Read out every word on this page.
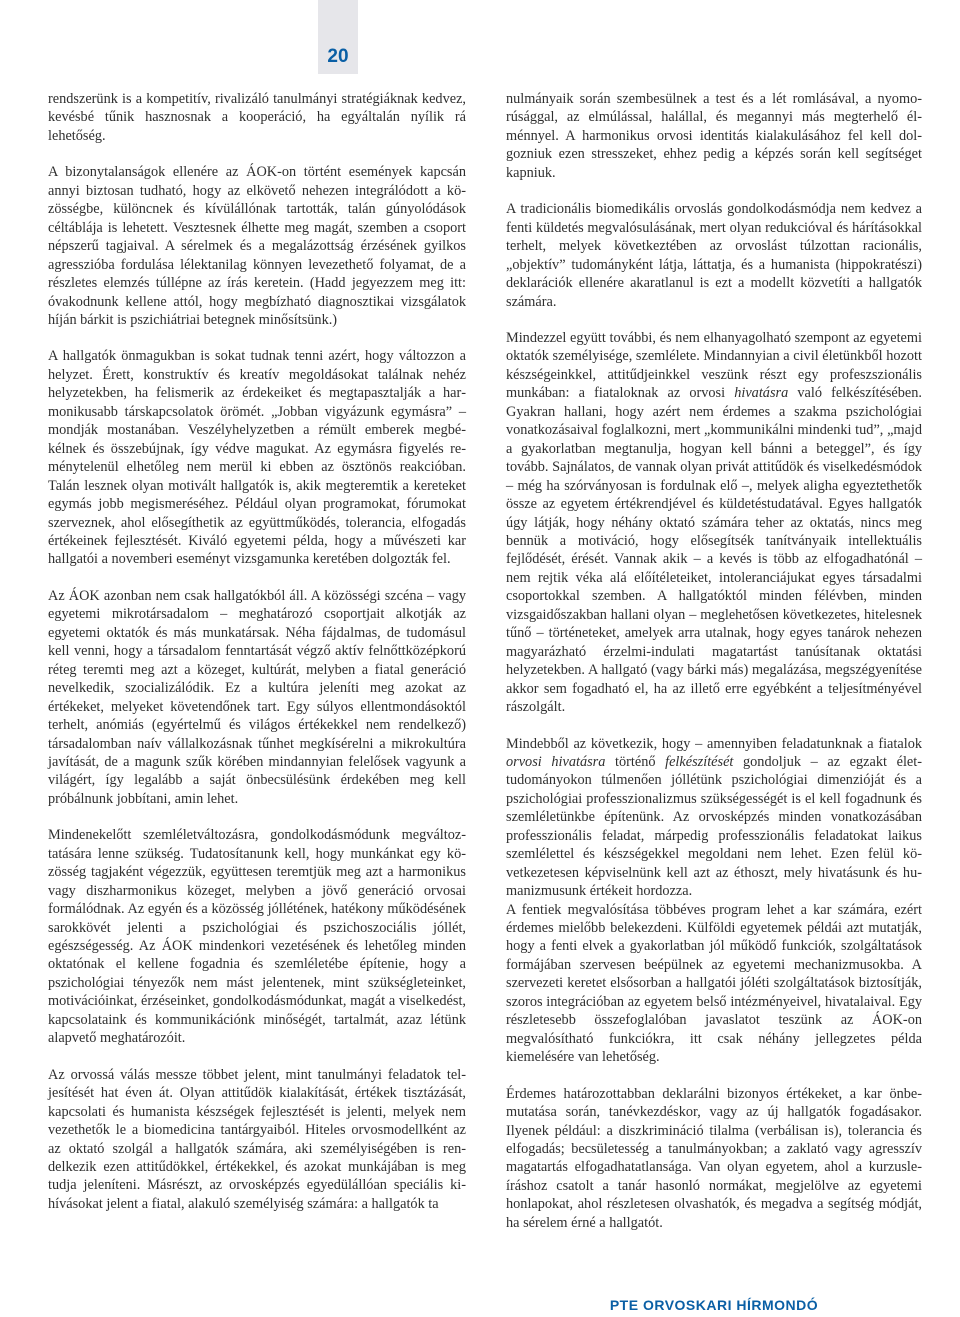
20

rendszerünk is a kompetitív, rivalizáló tanulmányi stratégiáknak kedvez, kevésbé tűnik hasznosnak a kooperáció, ha egyáltalán nyílik rá lehetőség.

A bizonytalanságok ellenére az ÁOK-on történt események kapcsán annyi biztosan tudható, hogy az elkövető nehezen integrálódott a közösségbe, különcnek és kívülállónak tartották, talán gúnyolódások céltáblája is lehetett. Vesztesnek élhette meg magát, szemben a csoport népszerű tagjaival. A sérelmek és a megalázottság érzésének gyilkos agresszióba fordulása lélektanilag könnyen levezethető folyamat, de a részletes elemzés túllépne az írás keretein. (Hadd jegyezzem meg itt: óvakodnunk kellene attól, hogy megbízható diagnosztikai vizsgálatok híján bárkit is pszichiátriai betegnek minősítsünk.)

A hallgatók önmagukban is sokat tudnak tenni azért, hogy változzon a helyzet. Érett, konstruktív és kreatív megoldásokat találnak nehéz helyzetekben, ha felismerik az érdekeiket és megtapasztalják a harmonikusabb társkapcsolatok örömét. „Jobban vigyázunk egymásra” – mondják mostanában. Veszélyhelyzetben a rémült emberek megbékélnek és összebújnak, így védve magukat. Az egymásra figyelés reménytelenül elhetőleg nem merül ki ebben az ösztönös reakcióban. Talán lesznek olyan motivált hallgatók is, akik megteremtik a kereteket egymás jobb megismeréséhez. Például olyan programokat, fórumokat szerveznek, ahol elősegíthetik az együttműködés, tolerancia, elfogadás értékeinek fejlesztését. Kiváló egyetemi példa, hogy a művészeti kar hallgatói a novemberi eseményt vizsgamunka keretében dolgozták fel.

Az ÁOK azonban nem csak hallgatókból áll. A közösségi szcéna – vagy egyetemi mikrotársadalom – meghatározó csoportjait alkotják az egyetemi oktatók és más munkatársak. Néha fájdalmas, de tudomásul kell venni, hogy a társadalom fenntartását végző aktív felnőttközépkorú réteg teremti meg azt a közeget, kultúrát, melyben a fiatal generáció nevelkedik, szocializálódik. Ez a kultúra jeleníti meg azokat az értékeket, melyeket követendőnek tart. Egy súlyos ellentmondásoktól terhelt, anómiás (egyértelmű és világos értékekkel nem rendelkező) társadalomban naív vállalkozásnak tűnhet megkísérelni a mikrokultúra javítását, de a magunk szűk körében mindannyian felelősek vagyunk a világért, így legalább a saját önbecsülésünk érdekében meg kell próbálnunk jobbítani, amin lehet.

Mindenekelőtt szemléletváltozásra, gondolkodásmódunk megváltoztatására lenne szükség. Tudatosítanunk kell, hogy munkánkat egy közösség tagjaként végezzük, együttesen teremtjük meg azt a harmonikus vagy diszharmonikus közeget, melyben a jövő generáció orvosai formálódnak. Az egyén és a közösség jóllétének, hatékony működésének sarokkövét jelenti a pszichológiai és pszichoszociális jóllét, egészségesség. Az ÁOK mindenkori vezetésének és lehetőleg minden oktatónak el kellene fogadnia és szemléletébe építenie, hogy a pszichológiai tényezők nem mást jelentenek, mint szükségleteinket, motivációinkat, érzéseinket, gondolkodásmódunkat, magát a viselkedést, kapcsolataink és kommunikációnk minőségét, tartalmát, azaz létünk alapvető meghatározóit.

Az orvossá válás messze többet jelent, mint tanulmányi feladatok teljesítését hat éven át. Olyan attitűdök kialakítását, értékek tisztázását, kapcsolati és humanista készségek fejlesztését is jelenti, melyek nem vezethetők le a biomedicina tantárgyaiból. Hiteles orvosmodellként az az oktató szolgál a hallgatók számára, aki személyiségében is rendelkezik ezen attitűdökkel, értékekkel, és azokat munkájában is meg tudja jeleníteni. Másrészt, az orvosképzés egyedülállóan speciális kihívásokat jelent a fiatal, alakuló személyiség számára: a hallgatók ta

nulmányaik során szembesülnek a test és a lét romlásával, a nyomorúsággal, az elmúlással, halállal, és megannyi más megterhelő élménnyel. A harmonikus orvosi identitás kialakulásához fel kell dolgozniuk ezen stresszeket, ehhez pedig a képzés során kell segítséget kapniuk.

A tradicionális biomedikális orvoslás gondolkodásmódja nem kedvez a fenti küldetés megvalósulásának, mert olyan redukcióval és hárításokkal terhelt, melyek következtében az orvoslást túlzottan racionális, „objektív” tudományként látja, láttatja, és a humanista (hippokratészi) deklarációk ellenére akaratlanul is ezt a modellt közvetíti a hallgatók számára.

Mindezzel együtt további, és nem elhanyagolható szempont az egyetemi oktatók személyisége, szemlélete. Mindannyian a civil életünkből hozott készségeinkkel, attitűdjeinkkel veszünk részt egy profeszszionális munkában: a fiataloknak az orvosi hivatásra való felkészítésében. Gyakran hallani, hogy azért nem érdemes a szakma pszichológiai vonatkozásaival foglalkozni, mert „kommunikálni mindenki tud”, „majd a gyakorlatban megtanulja, hogyan kell bánni a beteggel”, és így tovább. Sajnálatos, de vannak olyan privát attitűdök és viselkedésmódok – még ha szórványosan is fordulnak elő –, melyek aligha egyeztethetők össze az egyetem értékrendjével és küldetéstudatával. Egyes hallgatók úgy látják, hogy néhány oktató számára teher az oktatás, nincs meg bennük a motiváció, hogy elősegítsék tanítványaik intellektuális fejlődését, érését. Vannak akik – a kevés is több az elfogadhatónál – nem rejtik véka alá előítéleteiket, intoleranciájukat egyes társadalmi csoportokkal szemben. A hallgatóktól minden félévben, minden vizsgaidőszakban hallani olyan – meglehetősen következetes, hitelesnek tűnő – történeteket, amelyek arra utalnak, hogy egyes tanárok nehezen magyarázható érzelmi-indulati magatartást tanúsítanak oktatási helyzetekben. A hallgató (vagy bárki más) megalázása, megszégyenítése akkor sem fogadható el, ha az illető erre egyébként a teljesítményével rászolgált.

Mindebből az következik, hogy – amennyiben feladatunknak a fiatalok orvosi hivatásra történő felkészítését gondoljuk – az egzakt élettudományokon túlmenően jóllétünk pszichológiai dimenzióját és a pszichológiai professzionalizmus szükségességét is el kell fogadnunk és szemléletünkbe építenünk. Az orvosképzés minden vonatkozásában professzionális feladat, márpedig professzionális feladatokat laikus szemlélettel és készségekkel megoldani nem lehet. Ezen felül következetesen képviselnünk kell azt az éthoszt, mely hivatásunk és humanizmusunk értékeit hordozza.

A fentiek megvalósítása többéves program lehet a kar számára, ezért érdemes mielőbb belekezdeni. Külföldi egyetemek példái azt mutatják, hogy a fenti elvek a gyakorlatban jól működő funkciók, szolgáltatások formájában szervesen beépülnek az egyetemi mechanizmusokba. A szervezeti keretet elsősorban a hallgatói jóléti szolgáltatások biztosítják, szoros integrációban az egyetem belső intézményeivel, hivatalaival. Egy részletesebb összefoglalóban javaslatot teszünk az ÁOK-on megvalósítható funkciókra, itt csak néhány jellegzetes példa kiemelésére van lehetőség.

Érdemes határozottabban deklarálni bizonyos értékeket, a kar önbemutatása során, tanévkezdéskor, vagy az új hallgatók fogadásakor. Ilyenek például: a diszkrimináció tilalma (verbálisan is), tolerancia és elfogadás; becsületesség a tanulmányokban; a zaklató vagy agresszív magatartás elfogadhatatlansága. Van olyan egyetem, ahol a kurzusleíráshoz csatolt a tanár hasonló normákat, megjelölve az egyetemi honlapokat, ahol részletesen olvashatók, és megadva a segítség módját, ha sérelem érné a hallgatót.

PTE ORVOSKARI HÍRMONDÓ
